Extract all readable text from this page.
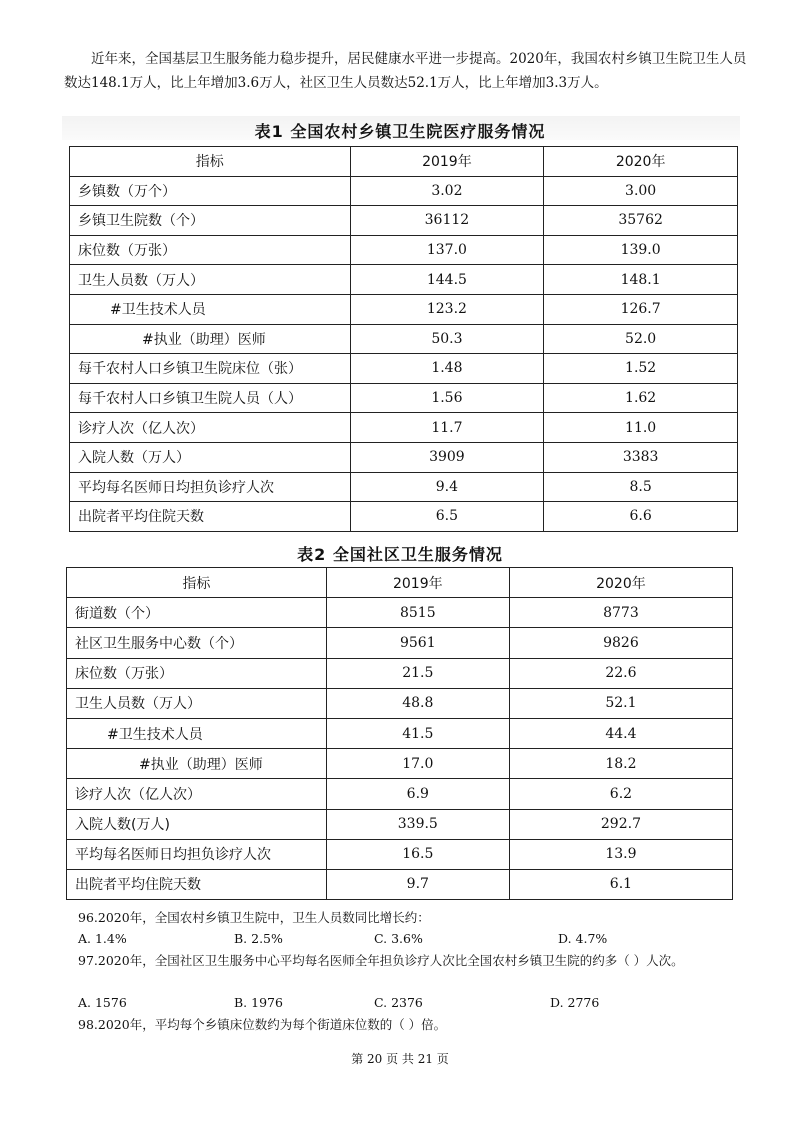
近年来，全国基层卫生服务能力稳步提升，居民健康水平进一步提高。2020年，我国农村乡镇卫生院卫生人员数达148.1万人，比上年增加3.6万人，社区卫生人员数达52.1万人，比上年增加3.3万人。

表1 全国农村乡镇卫生院医疗服务情况
指标	2019年	2020年
乡镇数（万个）	3.02	3.00
乡镇卫生院数（个）	36112	35762
床位数（万张）	137.0	139.0
卫生人员数（万人）	144.5	148.1
#卫生技术人员	123.2	126.7
#执业（助理）医师	50.3	52.0
每千农村人口乡镇卫生院床位（张）	1.48	1.52
每千农村人口乡镇卫生院人员（人）	1.56	1.62
诊疗人次（亿人次）	11.7	11.0
入院人数（万人）	3909	3383
平均每名医师日均担负诊疗人次	9.4	8.5
出院者平均住院天数	6.5	6.6
表2 全国社区卫生服务情况
指标	2019年	2020年
街道数（个）	8515	8773
社区卫生服务中心数（个）	9561	9826
床位数（万张）	21.5	22.6
卫生人员数（万人）	48.8	52.1
#卫生技术人员	41.5	44.4
#执业（助理）医师	17.0	18.2
诊疗人次（亿人次）	6.9	6.2
入院人数(万人)	339.5	292.7
平均每名医师日均担负诊疗人次	16.5	13.9
出院者平均住院天数	9.7	6.1

96.2020年，全国农村乡镇卫生院中，卫生人员数同比增长约：

A. 1.4%	B. 2.5%	C. 3.6%	D. 4.7%

97.2020年，全国社区卫生服务中心平均每名医师全年担负诊疗人次比全国农村乡镇卫生院的约多（ ）人次。

A. 1576	B. 1976	C. 2376	D. 2776

98.2020年，平均每个乡镇床位数约为每个街道床位数的（ ）倍。

第 20 页 共 21 页
